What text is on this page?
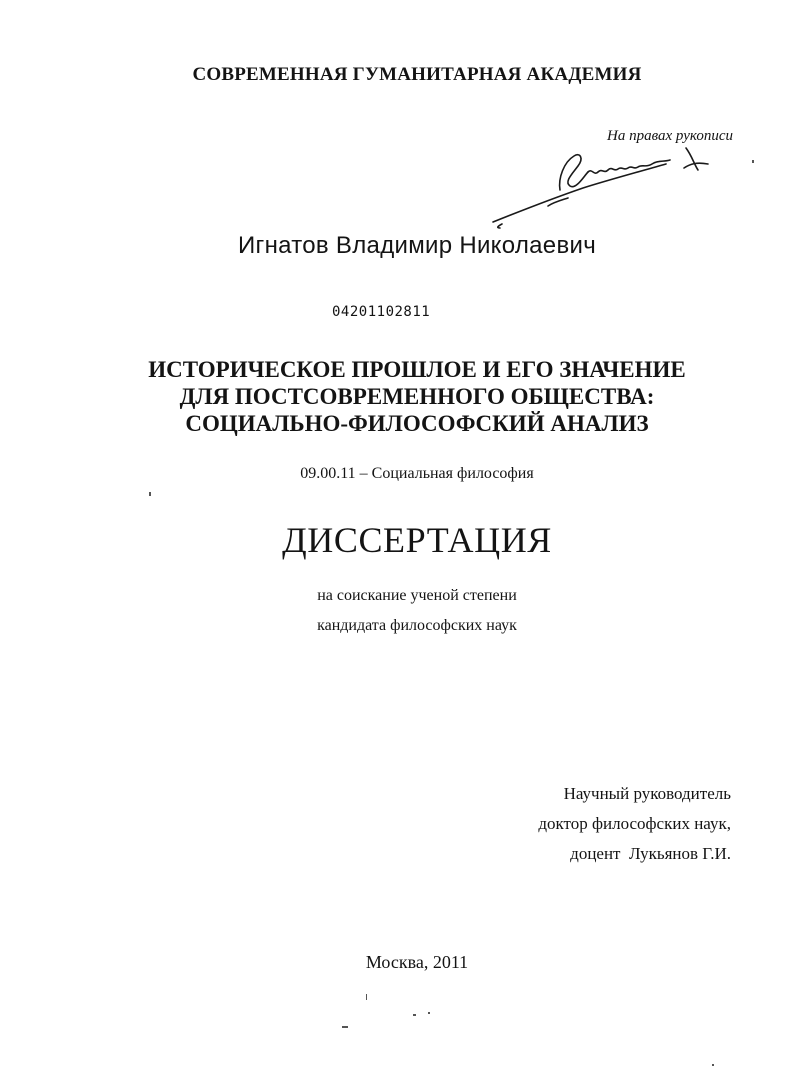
СОВРЕМЕННАЯ ГУМАНИТАРНАЯ АКАДЕМИЯ
На правах рукописи
Игнатов Владимир Николаевич
04201102811
ИСТОРИЧЕСКОЕ ПРОШЛОЕ И ЕГО ЗНАЧЕНИЕ
ДЛЯ ПОСТСОВРЕМЕННОГО ОБЩЕСТВА:
СОЦИАЛЬНО-ФИЛОСОФСКИЙ АНАЛИЗ
09.00.11 – Социальная философия
ДИССЕРТАЦИЯ
на соискание ученой степени
кандидата философских наук
Научный руководитель
доктор философских наук,
доцент  Лукьянов Г.И.
Москва, 2011
